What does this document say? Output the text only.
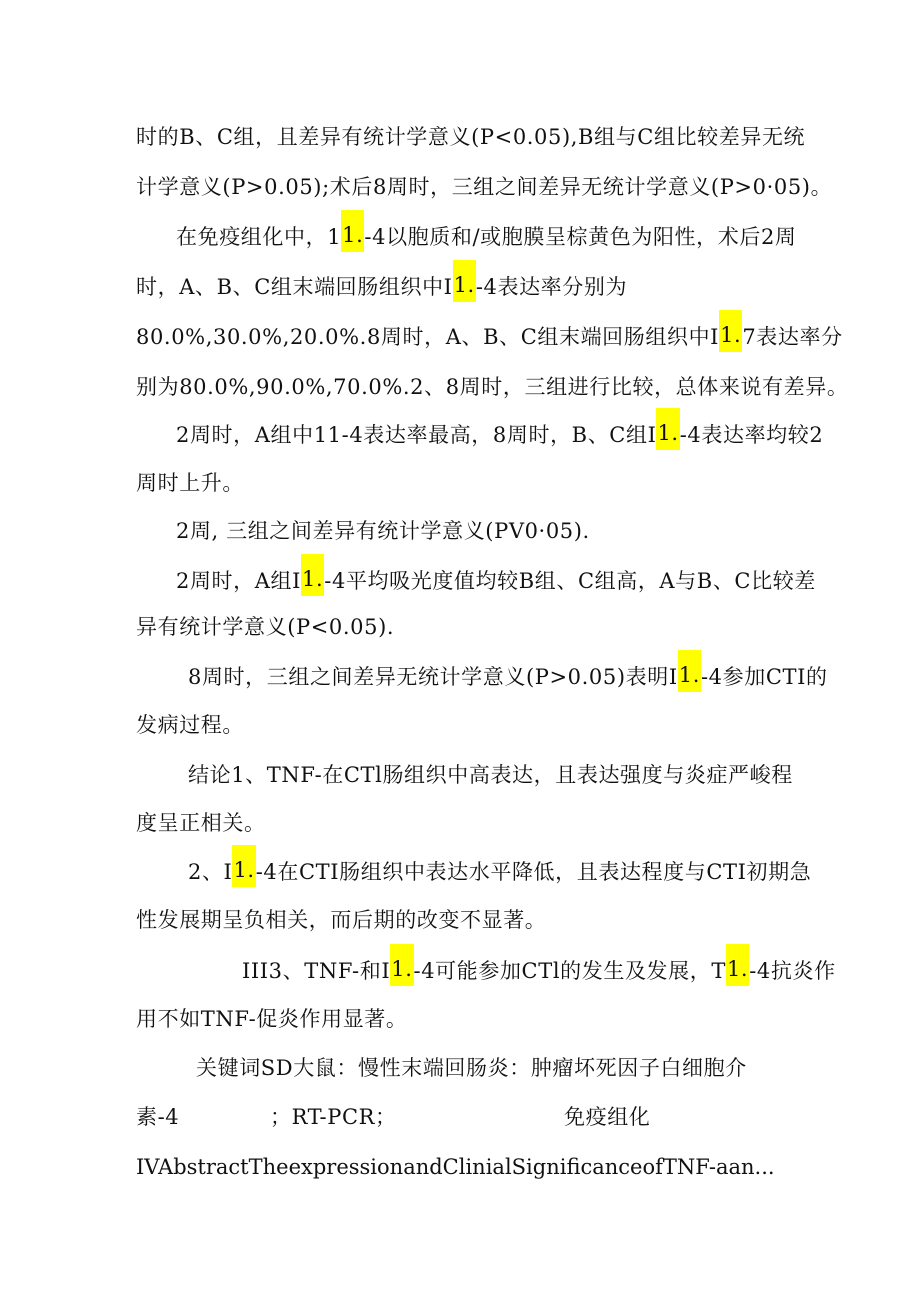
时的B、C组，且差异有统计学意义(P<0.05),B组与C组比较差异无统
计学意义(P>0.05);术后8周时，三组之间差异无统计学意义(P>0·05)。
在免疫组化中，11.-4以胞质和/或胞膜呈棕黄色为阳性，术后2周
时，A、B、C组末端回肠组织中I1.-4表达率分别为
80.0%,30.0%,20.0%.8周时，A、B、C组末端回肠组织中I1.7表达率分
别为80.0%,90.0%,70.0%.2、8周时，三组进行比较，总体来说有差异。
2周时，A组中11-4表达率最高，8周时，B、C组I1.-4表达率均较2
周时上升。
2周, 三组之间差异有统计学意义(PV0·05).
2周时，A组I1.-4平均吸光度值均较B组、C组高，A与B、C比较差
异有统计学意义(P<0.05).
8周时，三组之间差异无统计学意义(P>0.05)表明I1.-4参加CTI的
发病过程。
结论1、TNF-在CTl肠组织中高表达，且表达强度与炎症严峻程
度呈正相关。
2、I1.-4在CTI肠组织中表达水平降低，且表达程度与CTI初期急
性发展期呈负相关，而后期的改变不显著。
III3、TNF-和I1.-4可能参加CTl的发生及发展，T1.-4抗炎作
用不如TNF-促炎作用显著。
关键词SD大鼠：慢性末端回肠炎：肿瘤坏死因子白细胞介
素-4	；RT-PCR；	免疫组化
IVAbstractTheexpressionandClinialSignificanceofTNF-aan...
